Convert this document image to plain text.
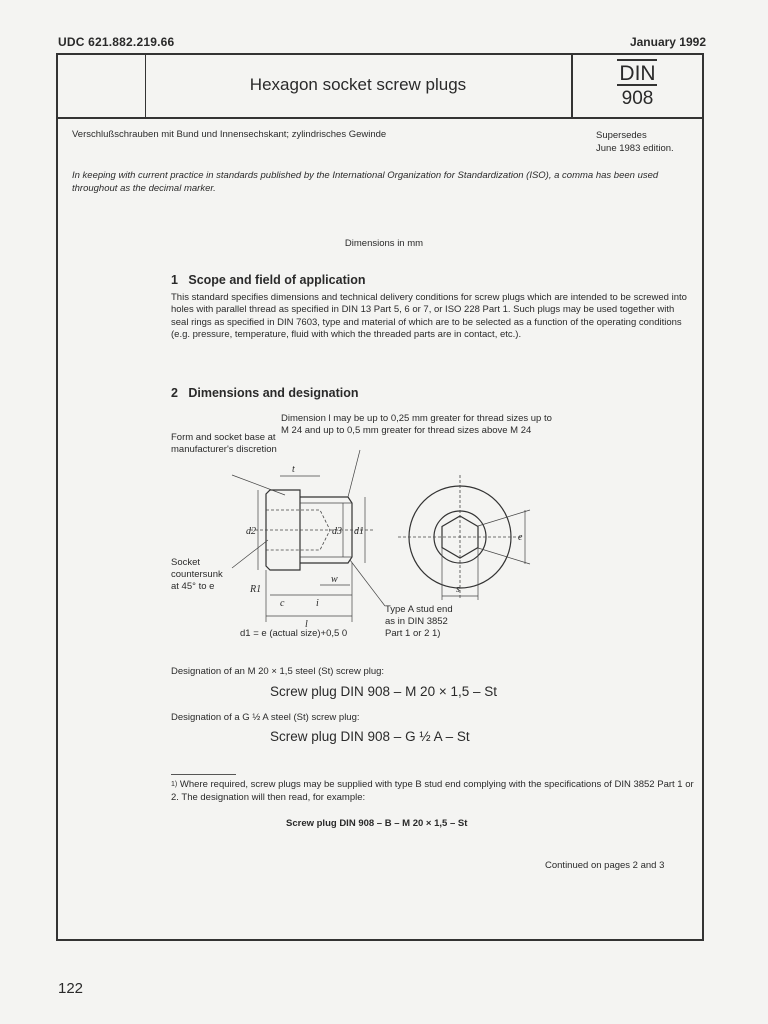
UDC 621.882.219.66	January 1992
Hexagon socket screw plugs	DIN
908
Verschlußschrauben mit Bund und Innensechskant; zylindrisches Gewinde	Supersedes
June 1983 edition.
In keeping with current practice in standards published by the International Organization for Standardization (ISO), a comma has been used throughout as the decimal marker.
Dimensions in mm
1   Scope and field of application
This standard specifies dimensions and technical delivery conditions for screw plugs which are intended to be screwed into holes with parallel thread as specified in DIN 13 Part 5, 6 or 7, or ISO 228 Part 1. Such plugs may be used together with seal rings as specified in DIN 7603, type and material of which are to be selected as a function of the operating conditions (e.g. pressure, temperature, fluid with which the threaded parts are in contact, etc.).
2   Dimensions and designation
Dimension l may be up to 0,25 mm greater for thread sizes up to M 24 and up to 0,5 mm greater for thread sizes above M 24
Form and socket base at manufacturer's discretion
Socket
countersunk
at 45° to e
Type A stud end
as in DIN 3852
Part 1 or 2 1)
d1 = e (actual size)+0,5 0
t
d2	d3 d1
R1
c	i
l
w
e
s
Designation of an M 20 × 1,5 steel (St) screw plug:
Screw plug DIN 908 – M 20 × 1,5 – St
Designation of a G ½ A steel (St) screw plug:
Screw plug DIN 908 – G ½ A – St
$^{1)}$ Where required, screw plugs may be supplied with type B stud end complying with the specifications of DIN 3852 Part 1 or 2. The designation will then read, for example:
Screw plug DIN 908 – B – M 20 × 1,5 – St
Continued on pages 2 and 3
122
